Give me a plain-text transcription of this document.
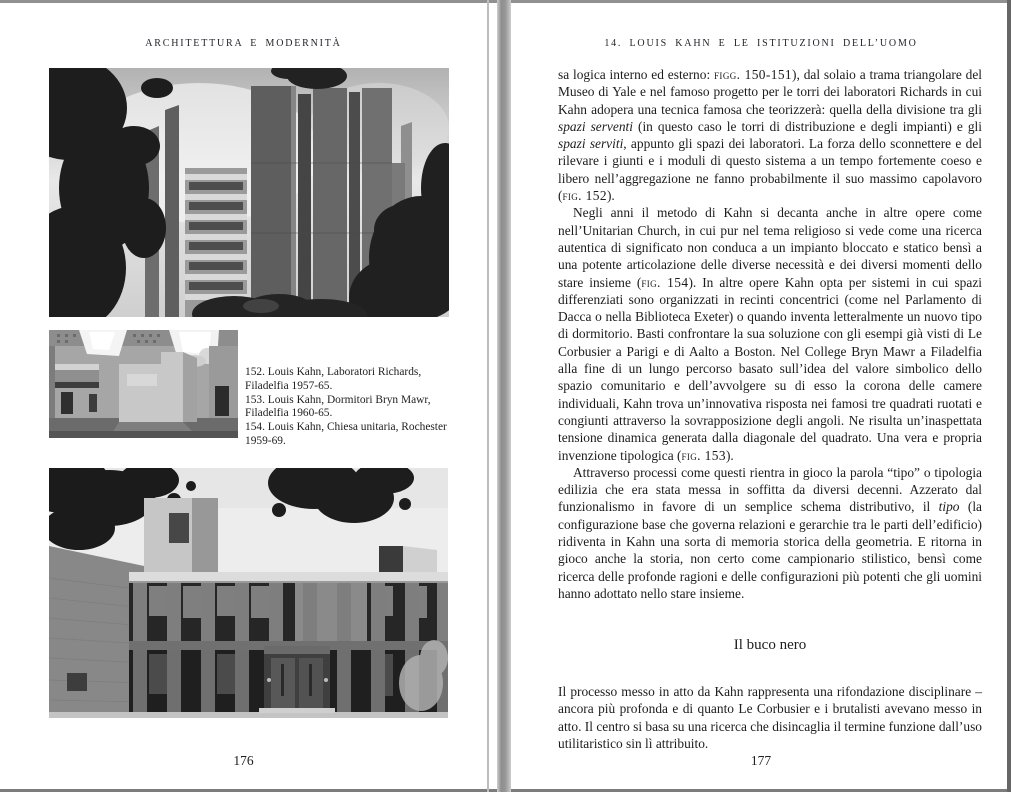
ARCHITETTURA E MODERNITÀ

152. Louis Kahn, Laboratori Richards, Filadelfia 1957-65.

153. Louis Kahn, Dormitori Bryn Mawr, Filadelfia 1960-65.

154. Louis Kahn, Chiesa unitaria, Rochester 1959-69.

176
14. LOUIS KAHN E LE ISTITUZIONI DELL’UOMO

sa logica interno ed esterno: figg. 150-151), dal solaio a trama triangolare del Museo di Yale e nel famoso progetto per le torri dei laboratori Richards in cui Kahn adopera una tecnica famosa che teorizzerà: quella della divisione tra gli spazi serventi (in questo caso le torri di distribuzione e degli impianti) e gli spazi serviti, appunto gli spazi dei laboratori. La forza dello sconnettere e del rilevare i giunti e i moduli di questo sistema a un tempo fortemente coeso e libero nell’aggregazione ne fanno probabilmente il suo massimo capolavoro (fig. 152).

Negli anni il metodo di Kahn si decanta anche in altre opere come nell’Unitarian Church, in cui pur nel tema religioso si vede come una ricerca autentica di significato non conduca a un impianto bloccato e statico bensì a una potente articolazione delle diverse necessità e dei diversi momenti dello stare insieme (fig. 154). In altre opere Kahn opta per sistemi in cui spazi differenziati sono organizzati in recinti concentrici (come nel Parlamento di Dacca o nella Biblioteca Exeter) o quando inventa letteralmente un nuovo tipo di dormitorio. Basti confrontare la sua soluzione con gli esempi già visti di Le Corbusier a Parigi e di Aalto a Boston. Nel College Bryn Mawr a Filadelfia alla fine di un lungo percorso basato sull’idea del valore simbolico dello spazio comunitario e dell’avvolgere su di esso la corona delle camere individuali, Kahn trova un’innovativa risposta nei famosi tre quadrati ruotati e congiunti attraverso la sovrapposizione degli angoli. Ne risulta un’inaspettata tensione dinamica generata dalla diagonale del quadrato. Una vera e propria invenzione tipologica (fig. 153).

Attraverso processi come questi rientra in gioco la parola “tipo” o tipologia edilizia che era stata messa in soffitta da diversi decenni. Azzerato dal funzionalismo in favore di un semplice schema distributivo, il tipo (la configurazione base che governa relazioni e gerarchie tra le parti dell’edificio) ridiventa in Kahn una sorta di memoria storica della geometria. E ritorna in gioco anche la storia, non certo come campionario stilistico, bensì come ricerca delle profonde ragioni e delle configurazioni più potenti che gli uomini hanno adottato nello stare insieme.

Il buco nero

Il processo messo in atto da Kahn rappresenta una rifondazione disciplinare – ancora più profonda e di quanto Le Corbusier e i brutalisti avevano messo in atto. Il centro si basa su una ricerca che disincaglia il termine funzione dall’uso utilitaristico sin lì attribuito.

177
